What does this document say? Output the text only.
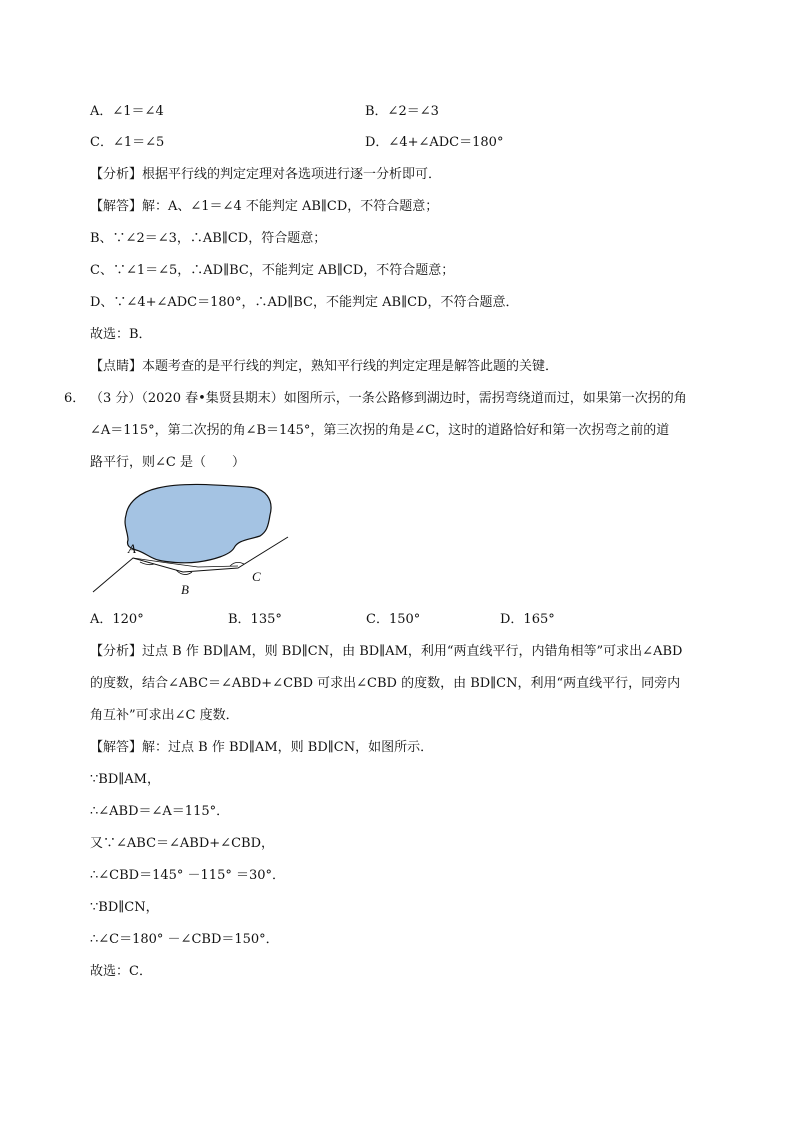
A．∠1＝∠4	B．∠2＝∠3
C．∠1＝∠5	D．∠4+∠ADC＝180°
【分析】根据平行线的判定定理对各选项进行逐一分析即可．
【解答】解：A、∠1＝∠4 不能判定 AB∥CD，不符合题意；
B、∵∠2＝∠3，∴AB∥CD，符合题意；
C、∵∠1＝∠5，∴AD∥BC，不能判定 AB∥CD，不符合题意；
D、∵∠4+∠ADC＝180°，∴AD∥BC，不能判定 AB∥CD，不符合题意．
故选：B．
【点睛】本题考查的是平行线的判定，熟知平行线的判定定理是解答此题的关键．
6． （3 分）（2020 春•集贤县期末）如图所示，一条公路修到湖边时，需拐弯绕道而过，如果第一次拐的角
∠A＝115°，第二次拐的角∠B＝145°，第三次拐的角是∠C，这时的道路恰好和第一次拐弯之前的道
路平行，则∠C 是（　　）
A
B
C
A．120°	B．135°	C．150°	D．165°
【分析】过点 B 作 BD∥AM，则 BD∥CN，由 BD∥AM，利用“两直线平行，内错角相等”可求出∠ABD
的度数，结合∠ABC＝∠ABD+∠CBD 可求出∠CBD 的度数，由 BD∥CN，利用“两直线平行，同旁内
角互补”可求出∠C 度数．
【解答】解：过点 B 作 BD∥AM，则 BD∥CN，如图所示．
∵BD∥AM，
∴∠ABD＝∠A＝115°．
又∵∠ABC＝∠ABD+∠CBD，
∴∠CBD＝145° －115° ＝30°．
∵BD∥CN，
∴∠C＝180° －∠CBD＝150°．
故选：C．
